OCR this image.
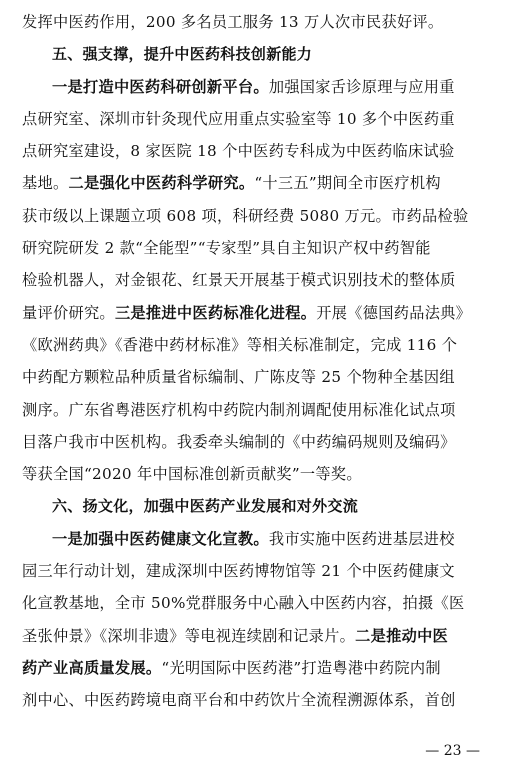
发挥中医药作用，200 多名员工服务 13 万人次市民获好评。
五、强支撑，提升中医药科技创新能力
一是打造中医药科研创新平台。加强国家舌诊原理与应用重
点研究室、深圳市针灸现代应用重点实验室等 10 多个中医药重
点研究室建设，8 家医院 18 个中医药专科成为中医药临床试验
基地。二是强化中医药科学研究。“十三五”期间全市医疗机构
获市级以上课题立项 608 项，科研经费 5080 万元。市药品检验
研究院研发 2 款“全能型”“专家型”具自主知识产权中药智能
检验机器人，对金银花、红景天开展基于模式识别技术的整体质
量评价研究。三是推进中医药标准化进程。开展《德国药品法典》
《欧洲药典》《香港中药材标准》等相关标准制定，完成 116 个
中药配方颗粒品种质量省标编制、广陈皮等 25 个物种全基因组
测序。广东省粤港医疗机构中药院内制剂调配使用标准化试点项
目落户我市中医机构。我委牵头编制的《中药编码规则及编码》
等获全国“2020 年中国标准创新贡献奖”一等奖。
六、扬文化，加强中医药产业发展和对外交流
一是加强中医药健康文化宣教。我市实施中医药进基层进校
园三年行动计划，建成深圳中医药博物馆等 21 个中医药健康文
化宣教基地，全市 50%党群服务中心融入中医药内容，拍摄《医
圣张仲景》《深圳非遗》等电视连续剧和记录片。二是推动中医
药产业高质量发展。“光明国际中医药港”打造粤港中药院内制
剂中心、中医药跨境电商平台和中药饮片全流程溯源体系，首创
— 23 —
